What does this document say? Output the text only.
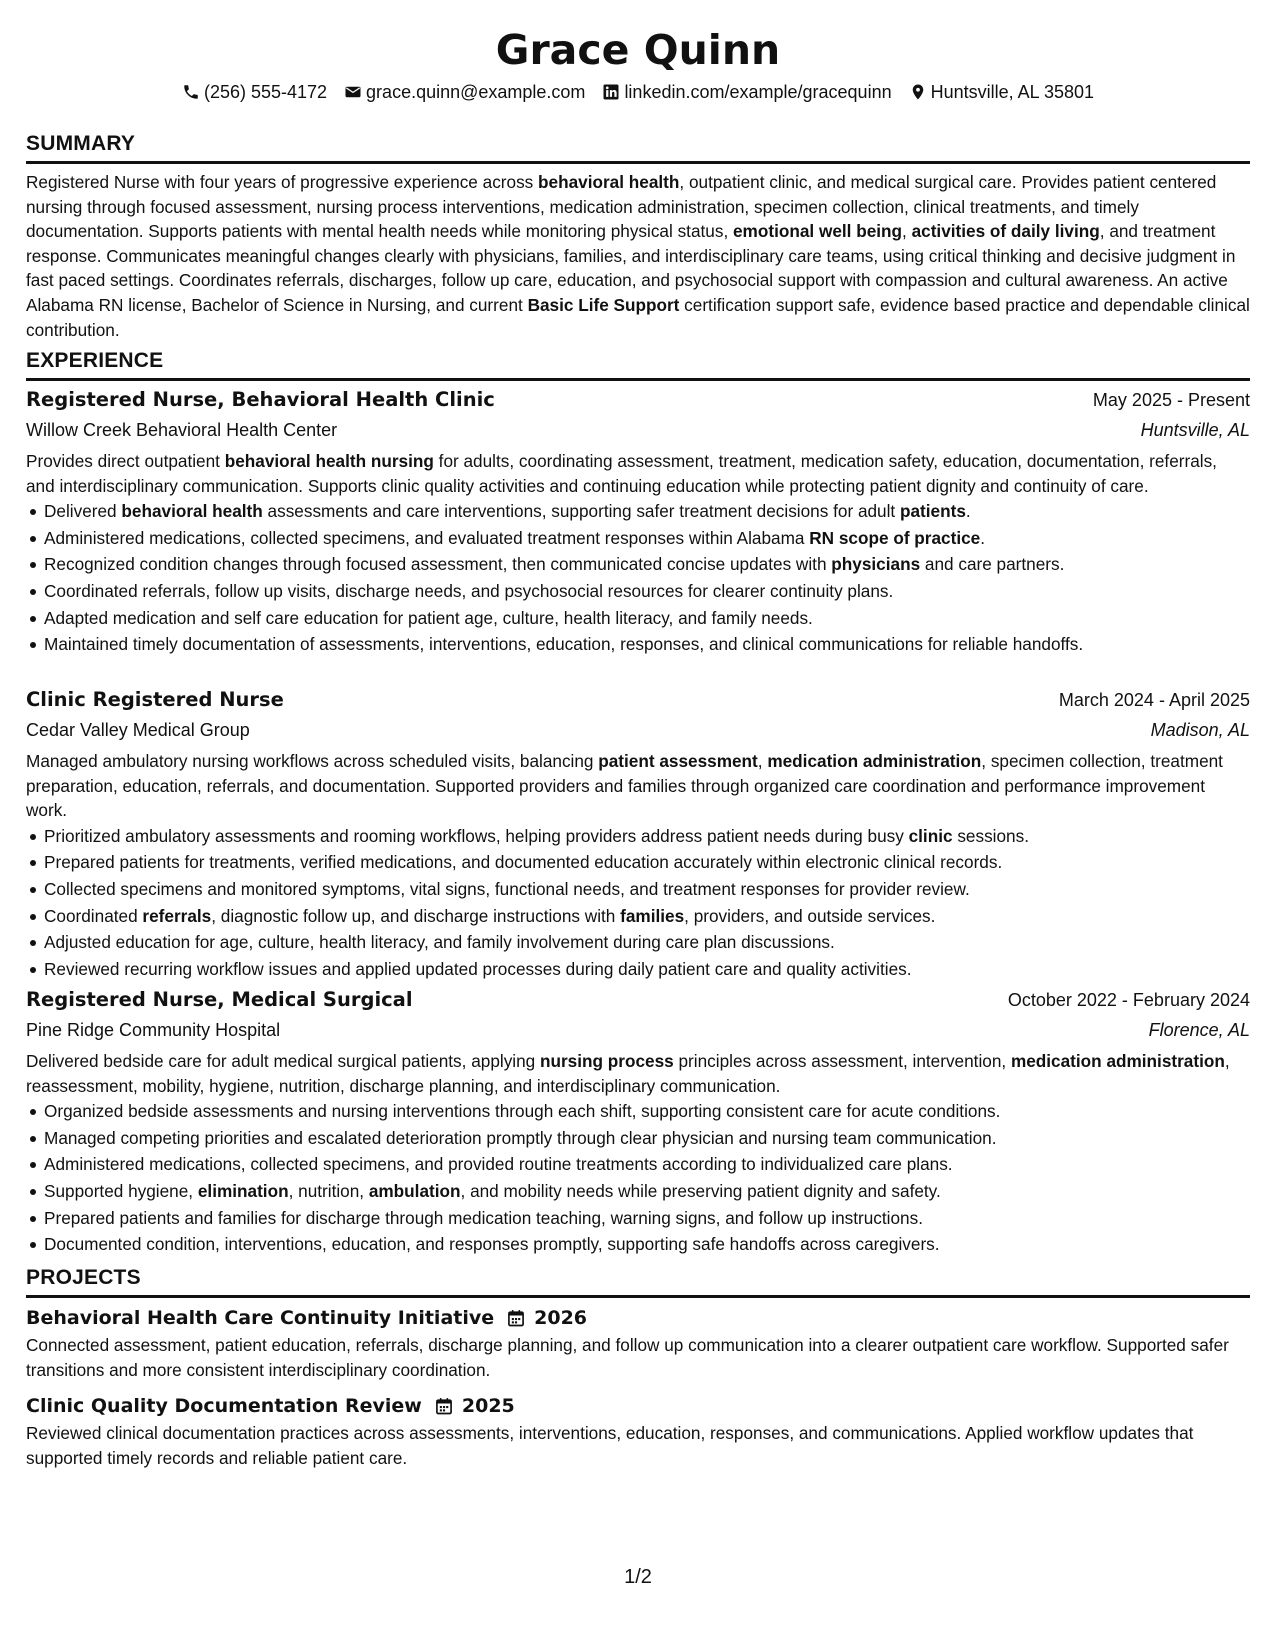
Grace Quinn
(256) 555-4172 grace.quinn@example.com linkedin.com/example/gracequinn Huntsville, AL 35801
SUMMARY

Registered Nurse with four years of progressive experience across behavioral health, outpatient clinic, and medical surgical care. Provides patient centered nursing through focused assessment, nursing process interventions, medication administration, specimen collection, clinical treatments, and timely documentation. Supports patients with mental health needs while monitoring physical status, emotional well being, activities of daily living, and treatment response. Communicates meaningful changes clearly with physicians, families, and interdisciplinary care teams, using critical thinking and decisive judgment in fast paced settings. Coordinates referrals, discharges, follow up care, education, and psychosocial support with compassion and cultural awareness. An active Alabama RN license, Bachelor of Science in Nursing, and current Basic Life Support certification support safe, evidence based practice and dependable clinical contribution.

EXPERIENCE
Registered Nurse, Behavioral Health Clinic	May 2025 - Present
Willow Creek Behavioral Health Center	Huntsville, AL

Provides direct outpatient behavioral health nursing for adults, coordinating assessment, treatment, medication safety, education, documentation, referrals, and interdisciplinary communication. Supports clinic quality activities and continuing education while protecting patient dignity and continuity of care.

Delivered behavioral health assessments and care interventions, supporting safer treatment decisions for adult patients.
Administered medications, collected specimens, and evaluated treatment responses within Alabama RN scope of practice.
Recognized condition changes through focused assessment, then communicated concise updates with physicians and care partners.
Coordinated referrals, follow up visits, discharge needs, and psychosocial resources for clearer continuity plans.
Adapted medication and self care education for patient age, culture, health literacy, and family needs.
Maintained timely documentation of assessments, interventions, education, responses, and clinical communications for reliable handoffs.
Clinic Registered Nurse	March 2024 - April 2025
Cedar Valley Medical Group	Madison, AL

Managed ambulatory nursing workflows across scheduled visits, balancing patient assessment, medication administration, specimen collection, treatment preparation, education, referrals, and documentation. Supported providers and families through organized care coordination and performance improvement work.

Prioritized ambulatory assessments and rooming workflows, helping providers address patient needs during busy clinic sessions.
Prepared patients for treatments, verified medications, and documented education accurately within electronic clinical records.
Collected specimens and monitored symptoms, vital signs, functional needs, and treatment responses for provider review.
Coordinated referrals, diagnostic follow up, and discharge instructions with families, providers, and outside services.
Adjusted education for age, culture, health literacy, and family involvement during care plan discussions.
Reviewed recurring workflow issues and applied updated processes during daily patient care and quality activities.
Registered Nurse, Medical Surgical	October 2022 - February 2024
Pine Ridge Community Hospital	Florence, AL

Delivered bedside care for adult medical surgical patients, applying nursing process principles across assessment, intervention, medication administration, reassessment, mobility, hygiene, nutrition, discharge planning, and interdisciplinary communication.

Organized bedside assessments and nursing interventions through each shift, supporting consistent care for acute conditions.
Managed competing priorities and escalated deterioration promptly through clear physician and nursing team communication.
Administered medications, collected specimens, and provided routine treatments according to individualized care plans.
Supported hygiene, elimination, nutrition, ambulation, and mobility needs while preserving patient dignity and safety.
Prepared patients and families for discharge through medication teaching, warning signs, and follow up instructions.
Documented condition, interventions, education, and responses promptly, supporting safe handoffs across caregivers.
PROJECTS
Behavioral Health Care Continuity Initiative 2026

Connected assessment, patient education, referrals, discharge planning, and follow up communication into a clearer outpatient care workflow. Supported safer transitions and more consistent interdisciplinary coordination.

Clinic Quality Documentation Review 2025

Reviewed clinical documentation practices across assessments, interventions, education, responses, and communications. Applied workflow updates that supported timely records and reliable patient care.

1/2
